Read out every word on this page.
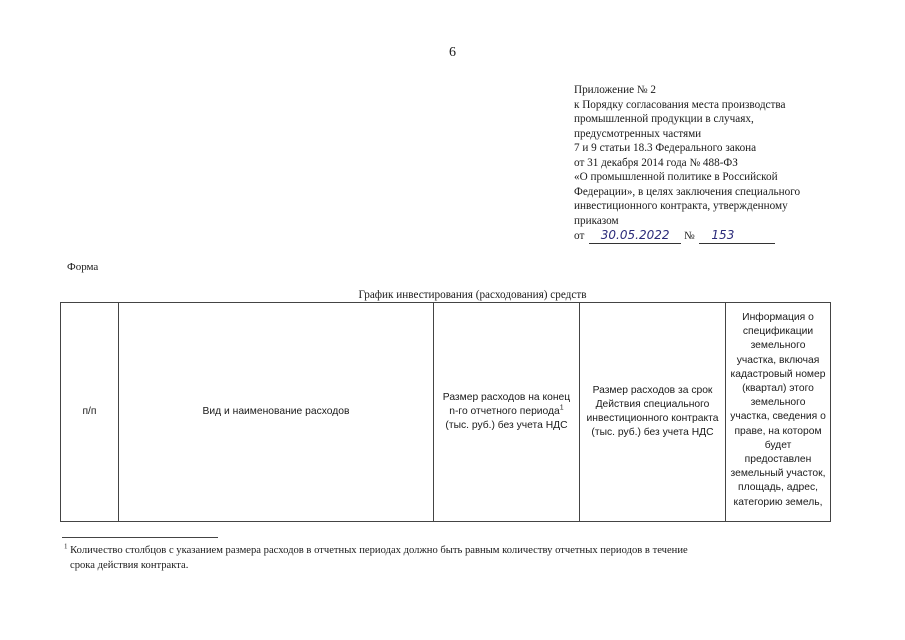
6
Приложение № 2
к Порядку согласования места производства
промышленной продукции в случаях,
предусмотренных частями
7 и 9 статьи 18.3 Федерального закона
от 31 декабря 2014 года № 488-ФЗ
«О промышленной политике в Российской
Федерации», в целях заключения специального
инвестиционного контракта, утвержденному
приказом
от 30.05.2022 № 153
Форма
График инвестирования (расходования) средств
п/п	Вид и наименование расходов	Размер расходов на конец n-го отчетного периода$^1$ (тыс. руб.) без учета НДС	Размер расходов за срок Действия специального инвестиционного контракта (тыс. руб.) без учета НДС	Информация о спецификации земельного участка, включая кадастровый номер (квартал) этого земельного участка, сведения о праве, на котором будет предоставлен земельный участок, площадь, адрес, категорию земель,
$^1$ Количество столбцов с указанием размера расходов в отчетных периодах должно быть равным количеству отчетных периодов в течение
срока действия контракта.
